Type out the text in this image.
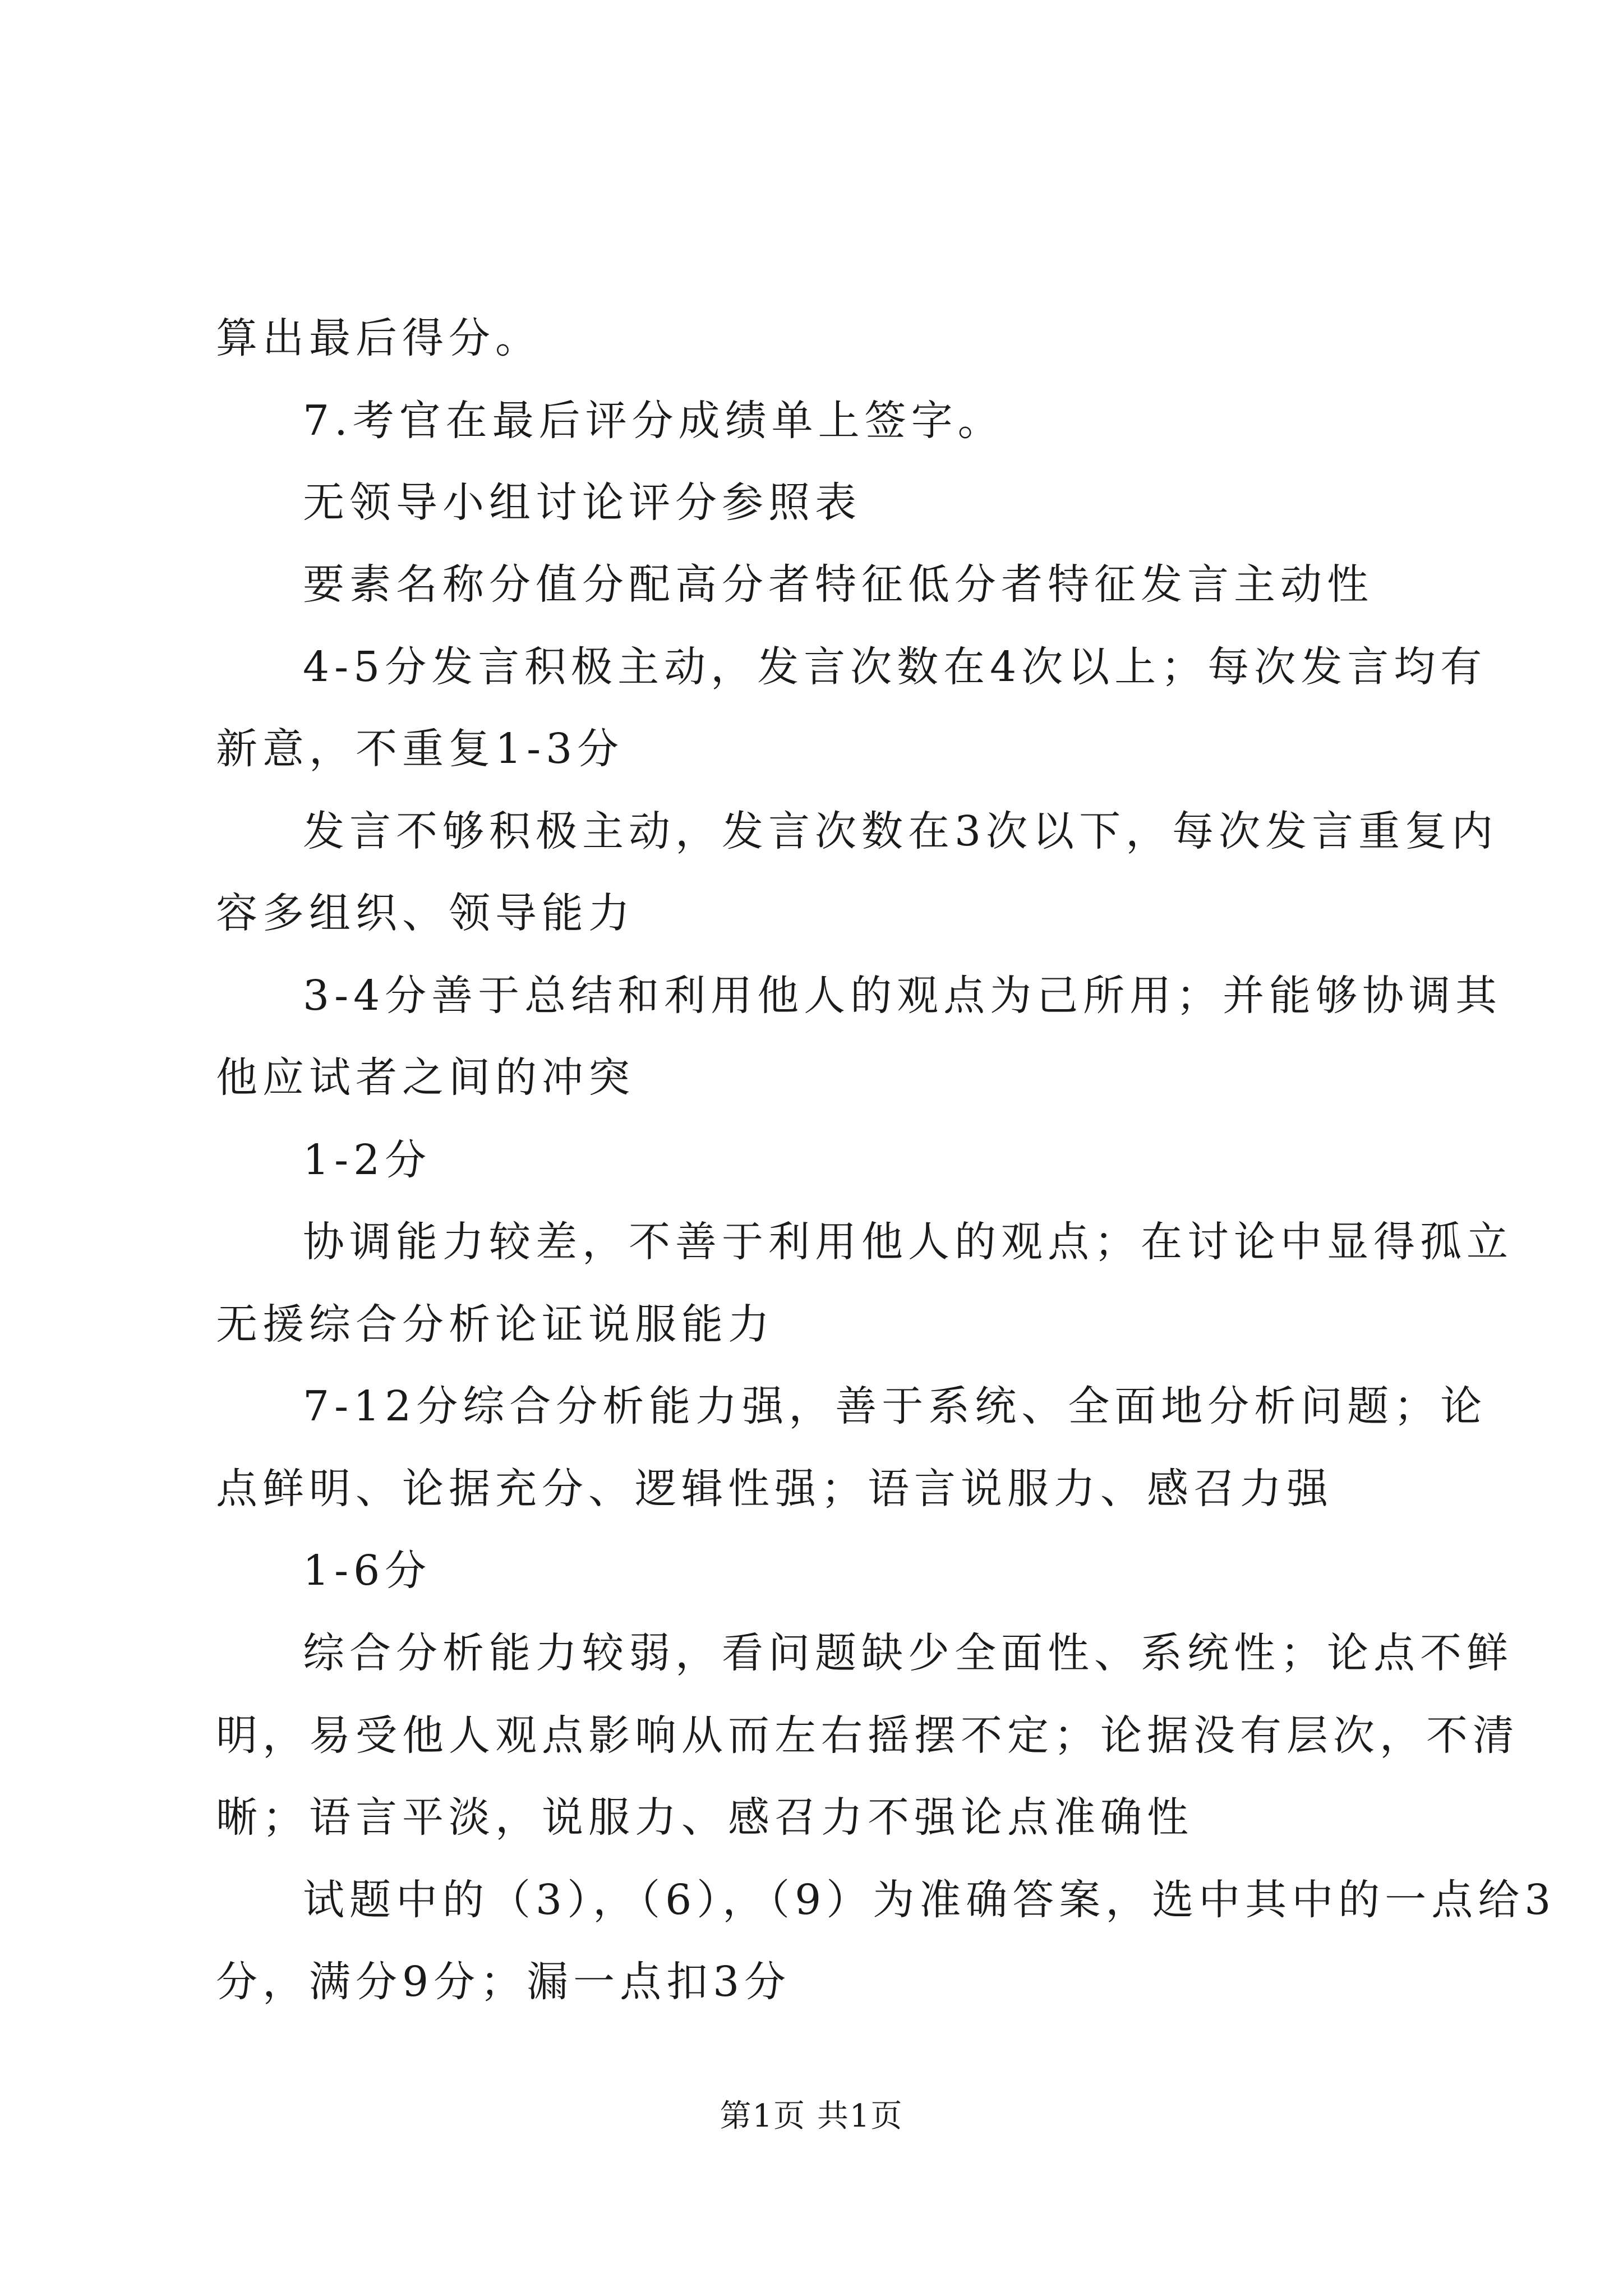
算出最后得分。
7.考官在最后评分成绩单上签字。
无领导小组讨论评分参照表
要素名称分值分配高分者特征低分者特征发言主动性
4-5分发言积极主动，发言次数在4次以上；每次发言均有
新意，不重复1-3分
发言不够积极主动，发言次数在3次以下，每次发言重复内
容多组织、领导能力
3-4分善于总结和利用他人的观点为己所用；并能够协调其
他应试者之间的冲突
1-2分
协调能力较差，不善于利用他人的观点；在讨论中显得孤立
无援综合分析论证说服能力
7-12分综合分析能力强，善于系统、全面地分析问题；论
点鲜明、论据充分、逻辑性强；语言说服力、感召力强
1-6分
综合分析能力较弱，看问题缺少全面性、系统性；论点不鲜
明，易受他人观点影响从而左右摇摆不定；论据没有层次，不清
晰；语言平淡，说服力、感召力不强论点准确性
试题中的（3），（6），（9）为准确答案，选中其中的一点给3
分，满分9分；漏一点扣3分
第1页 共1页
